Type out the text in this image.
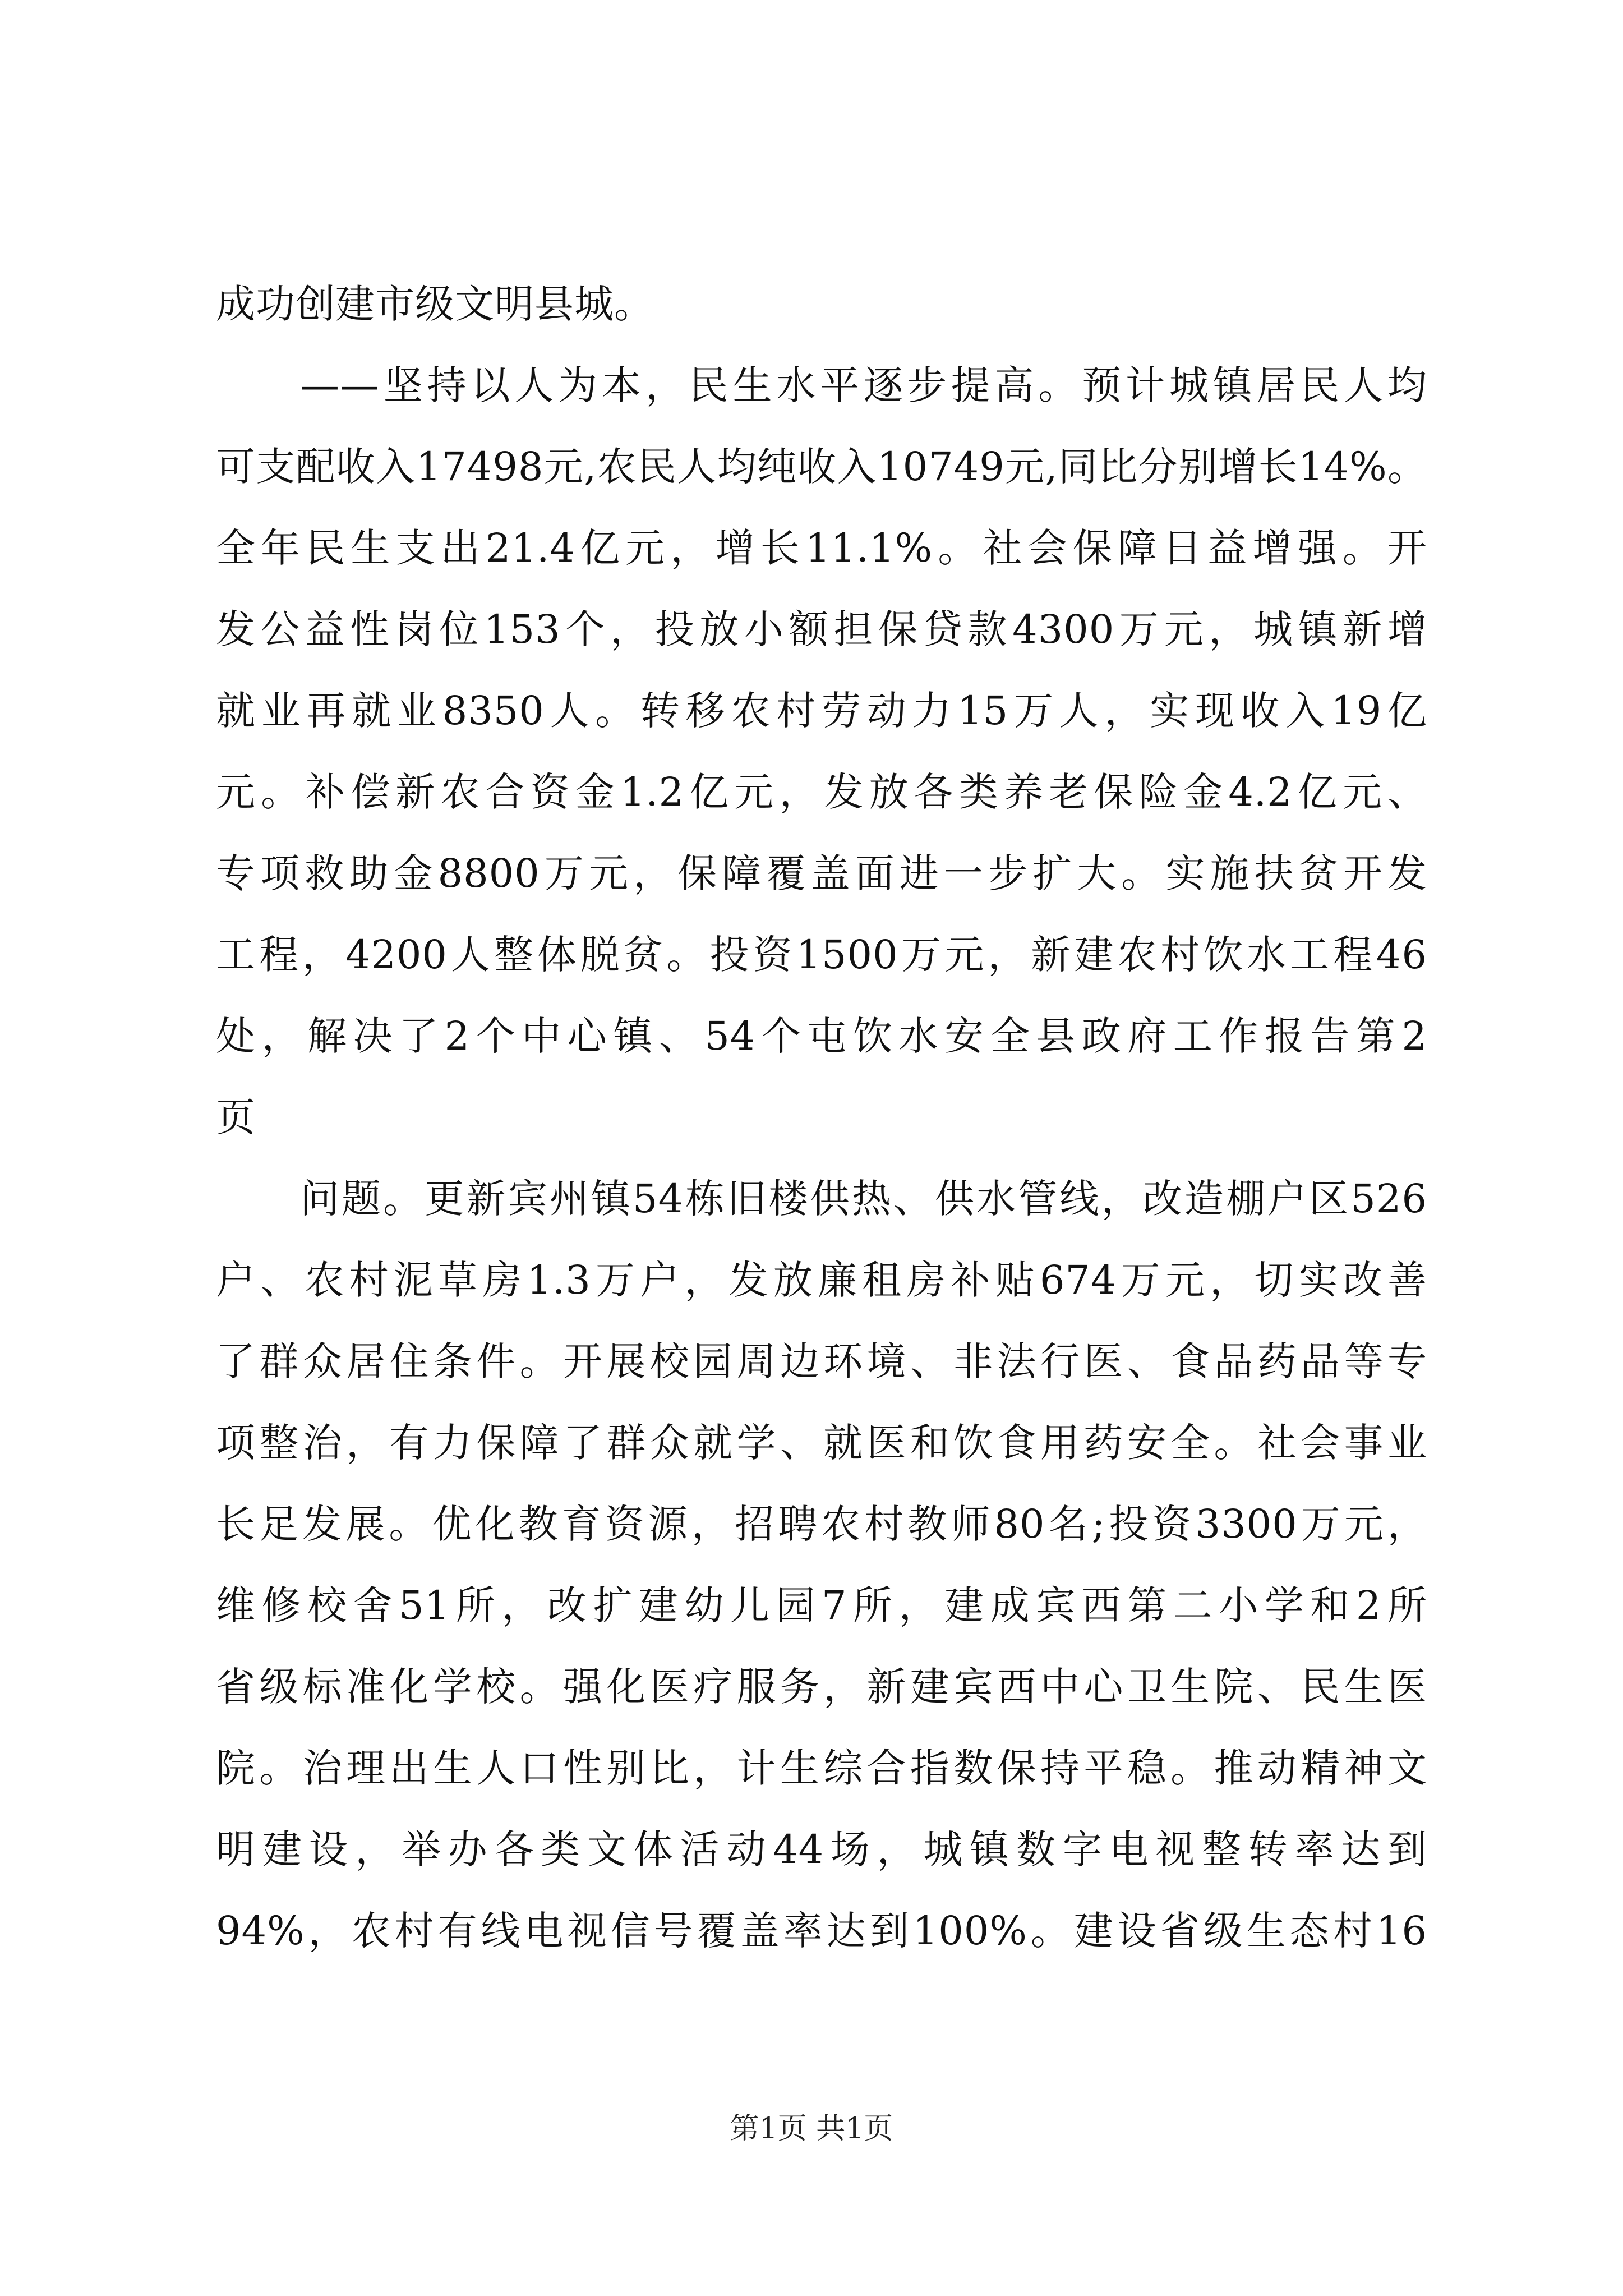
成功创建市级文明县城。
——坚持以人为本，民生水平逐步提高。预计城镇居民人均
可支配收入17498元,农民人均纯收入10749元,同比分别增长14%。
全年民生支出21.4亿元，增长11.1%。社会保障日益增强。开
发公益性岗位153个，投放小额担保贷款4300万元，城镇新增
就业再就业8350人。转移农村劳动力15万人，实现收入19亿
元。补偿新农合资金1.2亿元，发放各类养老保险金4.2亿元、
专项救助金8800万元，保障覆盖面进一步扩大。实施扶贫开发
工程，4200人整体脱贫。投资1500万元，新建农村饮水工程46
处，解决了2个中心镇、54个屯饮水安全县政府工作报告第2
页
问题。更新宾州镇54栋旧楼供热、供水管线，改造棚户区526
户、农村泥草房1.3万户，发放廉租房补贴674万元，切实改善
了群众居住条件。开展校园周边环境、非法行医、食品药品等专
项整治，有力保障了群众就学、就医和饮食用药安全。社会事业
长足发展。优化教育资源，招聘农村教师80名;投资3300万元，
维修校舍51所，改扩建幼儿园7所，建成宾西第二小学和2所
省级标准化学校。强化医疗服务，新建宾西中心卫生院、民生医
院。治理出生人口性别比，计生综合指数保持平稳。推动精神文
明建设，举办各类文体活动44场，城镇数字电视整转率达到
94%，农村有线电视信号覆盖率达到100%。建设省级生态村16
第1页 共1页
